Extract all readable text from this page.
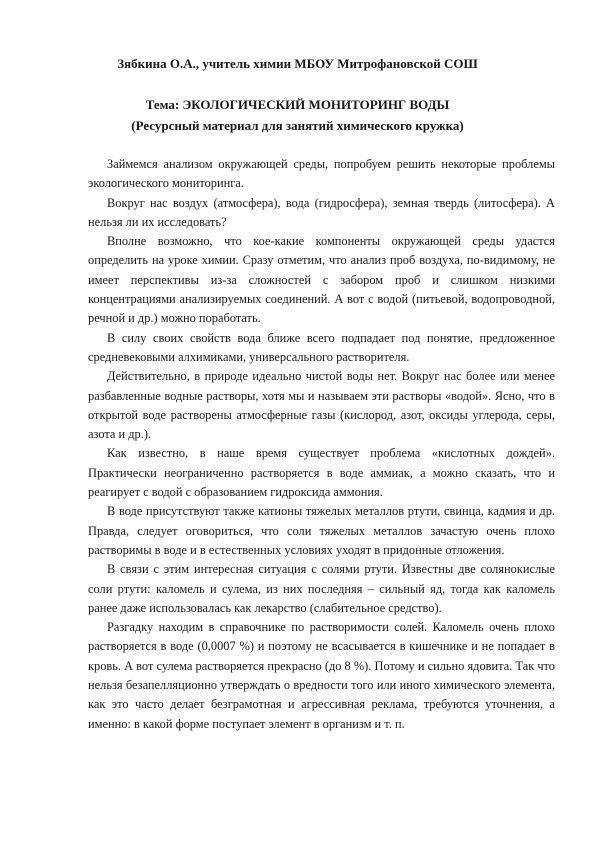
Зябкина О.А., учитель химии МБОУ Митрофановской СОШ
Тема: ЭКОЛОГИЧЕСКИЙ МОНИТОРИНГ ВОДЫ
(Ресурсный материал для занятий химического кружка)

Займемся анализом окружающей среды, попробуем решить некоторые проблемы экологического мониторинга.

Вокруг нас воздух (атмосфера), вода (гидросфера), земная твердь (литосфера). А нельзя ли их исследовать?

Вполне возможно, что кое-какие компоненты окружающей среды удастся определить на уроке химии. Сразу отметим, что анализ проб воздуха, по-видимому, не имеет перспективы из-за сложностей с забором проб и слишком низкими концентрациями анализируемых соединений. А вот с водой (питьевой, водопроводной, речной и др.) можно поработать.

В силу своих свойств вода ближе всего подпадает под понятие, предложенное средневековыми алхимиками, универсального растворителя.

Действительно, в природе идеально чистой воды нет. Вокруг нас более или менее разбавленные водные растворы, хотя мы и называем эти растворы «водой». Ясно, что в открытой воде растворены атмосферные газы (кислород, азот, оксиды углерода, серы, азота и др.).

Как известно, в наше время существует проблема «кислотных дождей». Практически неограниченно растворяется в воде аммиак, а можно сказать, что и реагирует с водой с образованием гидроксида аммония.

В воде присутствуют также катионы тяжелых металлов ртути, свинца, кадмия и др. Правда, следует оговориться, что соли тяжелых металлов зачастую очень плохо растворимы в воде и в естественных условиях уходят в придонные отложения.

В связи с этим интересная ситуация с солями ртути. Известны две солянокислые соли ртути: каломель и сулема, из них последняя – сильный яд, тогда как каломель ранее даже использовалась как лекарство (слабительное средство).

Разгадку находим в справочнике по растворимости солей. Каломель очень плохо растворяется в воде (0,0007 %) и поэтому не всасывается в кишечнике и не попадает в кровь. А вот сулема растворяется прекрасно (до 8 %). Потому и сильно ядовита. Так что нельзя безапелляционно утверждать о вредности того или иного химического элемента, как это часто делает безграмотная и агрессивная реклама, требуются уточнения, а именно: в какой форме поступает элемент в организм и т. п.
